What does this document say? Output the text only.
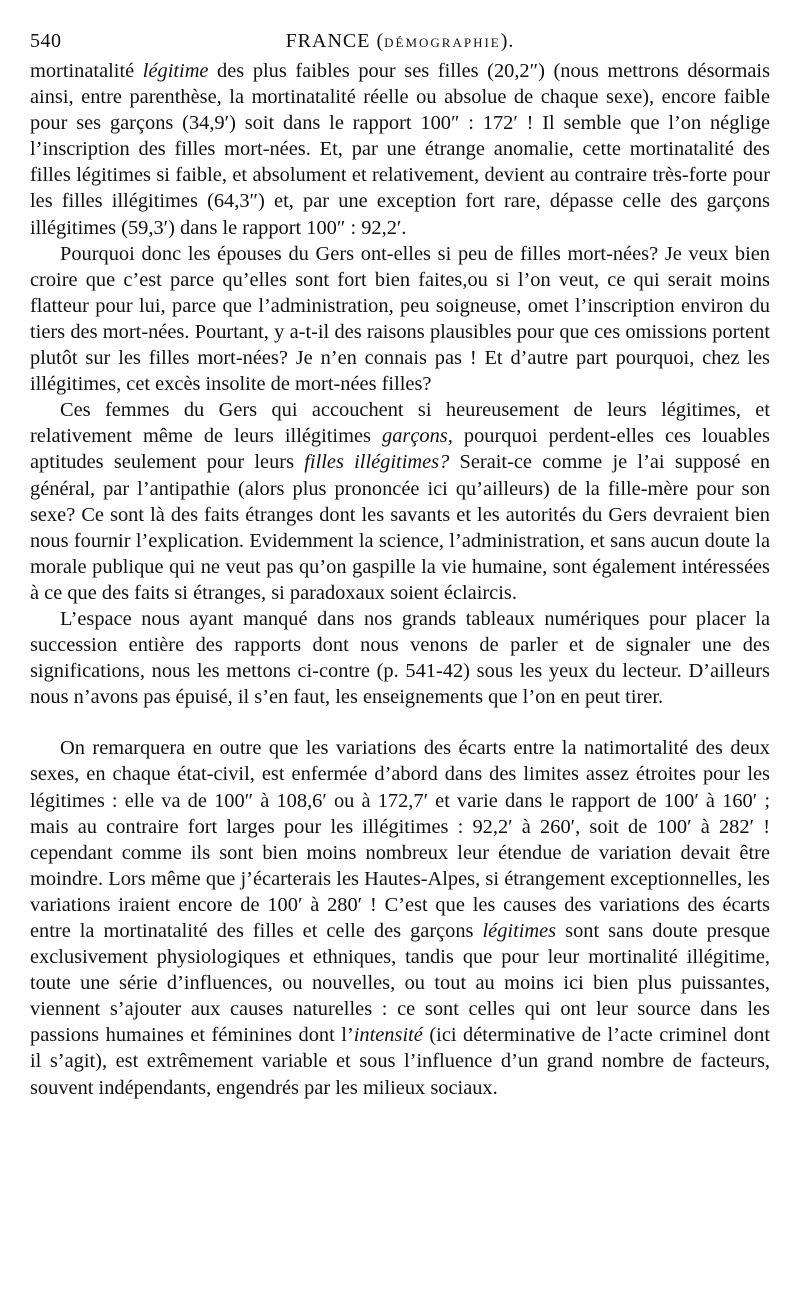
540	FRANCE (DÉMOGRAPHIE).

mortinatalité légitime des plus faibles pour ses filles (20,2″) (nous mettrons désormais ainsi, entre parenthèse, la mortinatalité réelle ou absolue de chaque sexe), encore faible pour ses garçons (34,9′) soit dans le rapport 100″ : 172′ ! Il semble que l’on néglige l’inscription des filles mort-nées. Et, par une étrange anomalie, cette mortinatalité des filles légitimes si faible, et absolument et relativement, devient au contraire très-forte pour les filles illégitimes (64,3″) et, par une exception fort rare, dépasse celle des garçons illégitimes (59,3′) dans le rapport 100″ : 92,2′.

Pourquoi donc les épouses du Gers ont-elles si peu de filles mort-nées? Je veux bien croire que c’est parce qu’elles sont fort bien faites,ou si l’on veut, ce qui serait moins flatteur pour lui, parce que l’administration, peu soigneuse, omet l’inscription environ du tiers des mort-nées. Pourtant, y a-t-il des raisons plausibles pour que ces omissions portent plutôt sur les filles mort-nées? Je n’en connais pas ! Et d’autre part pourquoi, chez les illégitimes, cet excès insolite de mort-nées filles?

Ces femmes du Gers qui accouchent si heureusement de leurs légitimes, et relativement même de leurs illégitimes garçons, pourquoi perdent-elles ces louables aptitudes seulement pour leurs filles illégitimes? Serait-ce comme je l’ai supposé en général, par l’antipathie (alors plus prononcée ici qu’ailleurs) de la fille-mère pour son sexe? Ce sont là des faits étranges dont les savants et les autorités du Gers devraient bien nous fournir l’explication. Evidemment la science, l’administration, et sans aucun doute la morale publique qui ne veut pas qu’on gaspille la vie humaine, sont également intéressées à ce que des faits si étranges, si paradoxaux soient éclaircis.

L’espace nous ayant manqué dans nos grands tableaux numériques pour placer la succession entière des rapports dont nous venons de parler et de signaler une des significations, nous les mettons ci-contre (p. 541-42) sous les yeux du lecteur. D’ailleurs nous n’avons pas épuisé, il s’en faut, les enseignements que l’on en peut tirer.

On remarquera en outre que les variations des écarts entre la natimortalité des deux sexes, en chaque état-civil, est enfermée d’abord dans des limites assez étroites pour les légitimes : elle va de 100″ à 108,6′ ou à 172,7′ et varie dans le rapport de 100′ à 160′ ; mais au contraire fort larges pour les illégitimes : 92,2′ à 260′, soit de 100′ à 282′ ! cependant comme ils sont bien moins nombreux leur étendue de variation devait être moindre. Lors même que j’écarterais les Hautes-Alpes, si étrangement exceptionnelles, les variations iraient encore de 100′ à 280′ ! C’est que les causes des variations des écarts entre la mortinatalité des filles et celle des garçons légitimes sont sans doute presque exclusivement physiologiques et ethniques, tandis que pour leur mortinalité illégitime, toute une série d’influences, ou nouvelles, ou tout au moins ici bien plus puissantes, viennent s’ajouter aux causes naturelles : ce sont celles qui ont leur source dans les passions humaines et féminines dont l’intensité (ici déterminative de l’acte criminel dont il s’agit), est extrêmement variable et sous l’influence d’un grand nombre de facteurs, souvent indépendants, engendrés par les milieux sociaux.
